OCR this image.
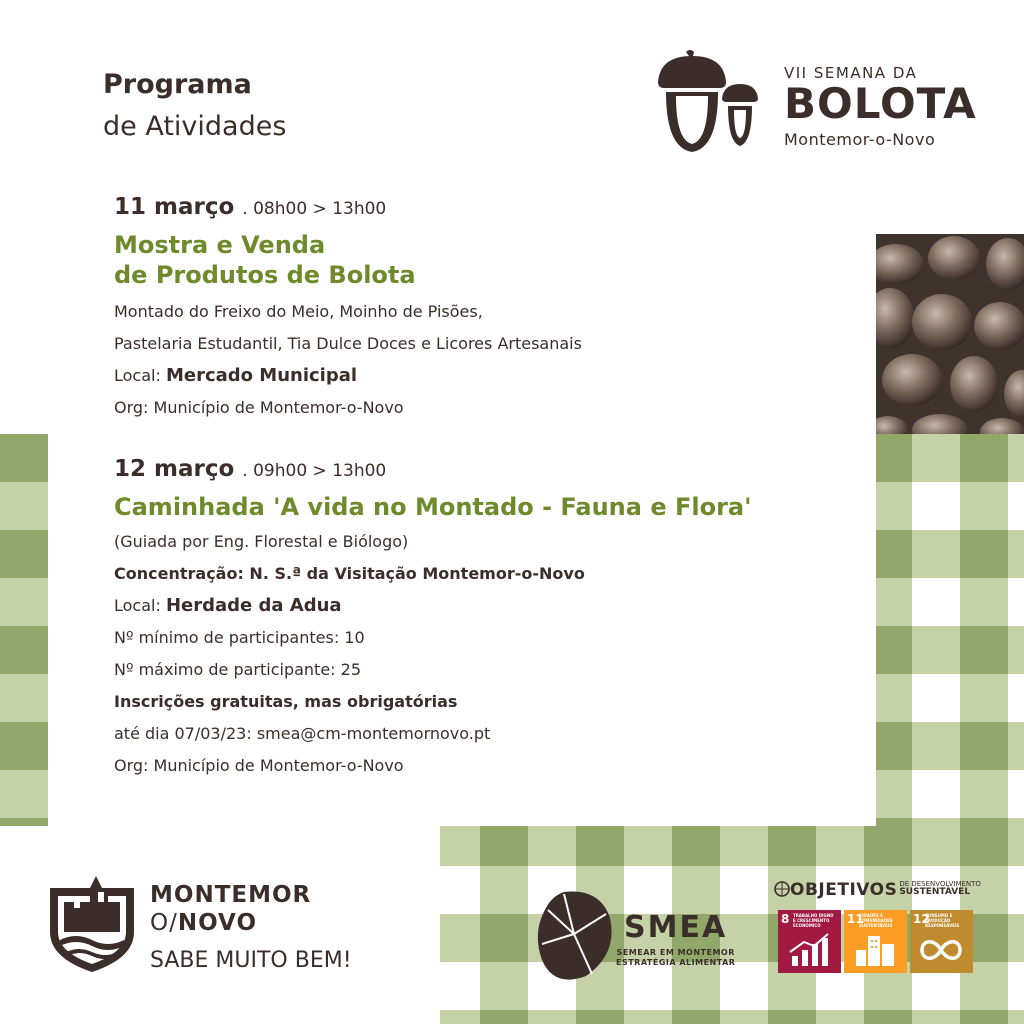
Programa
de Atividades
VII SEMANA DA
BOLOTA
Montemor-o-Novo
11 março . 08h00 > 13h00
Mostra e Venda
de Produtos de Bolota
Montado do Freixo do Meio, Moinho de Pisões,
Pastelaria Estudantil, Tia Dulce Doces e Licores Artesanais
Local: Mercado Municipal
Org: Município de Montemor-o-Novo
12 março . 09h00 > 13h00
Caminhada 'A vida no Montado - Fauna e Flora'
(Guiada por Eng. Florestal e Biólogo)
Concentração: N. S.ª da Visitação Montemor-o-Novo
Local: Herdade da Adua
Nº mínimo de participantes: 10
Nº máximo de participante: 25
Inscrições gratuitas, mas obrigatórias
até dia 07/03/23: smea@cm-montemornovo.pt
Org: Município de Montemor-o-Novo
MONTEMOR
O/NOVO
SABE MUITO BEM!
SMEA
SEMEAR EM MONTEMOR
ESTRATÉGIA ALIMENTAR
OBJETIVOS DE DESENVOLVIMENTO
SUSTENTÁVEL
8 TRABALHO DIGNO E CRESCIMENTO ECONÓMICO	11
CIDADES E COMUNIDADES SUSTENTÁVEIS	12
CONSUMO E PRODUÇÃO RESPONSÁVEIS
